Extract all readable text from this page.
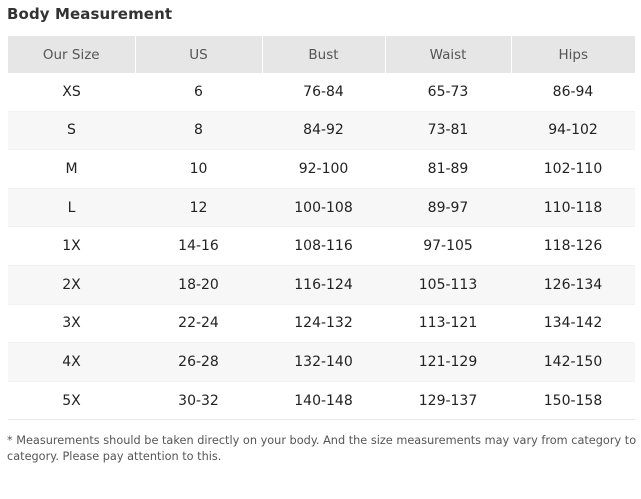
Body Measurement
Our Size	US	Bust	Waist	Hips
XS	6	76-84	65-73	86-94
S	8	84-92	73-81	94-102
M	10	92-100	81-89	102-110
L	12	100-108	89-97	110-118
1X	14-16	108-116	97-105	118-126
2X	18-20	116-124	105-113	126-134
3X	22-24	124-132	113-121	134-142
4X	26-28	132-140	121-129	142-150
5X	30-32	140-148	129-137	150-158
* Measurements should be taken directly on your body. And the size measurements may vary from category to category. Please pay attention to this.
